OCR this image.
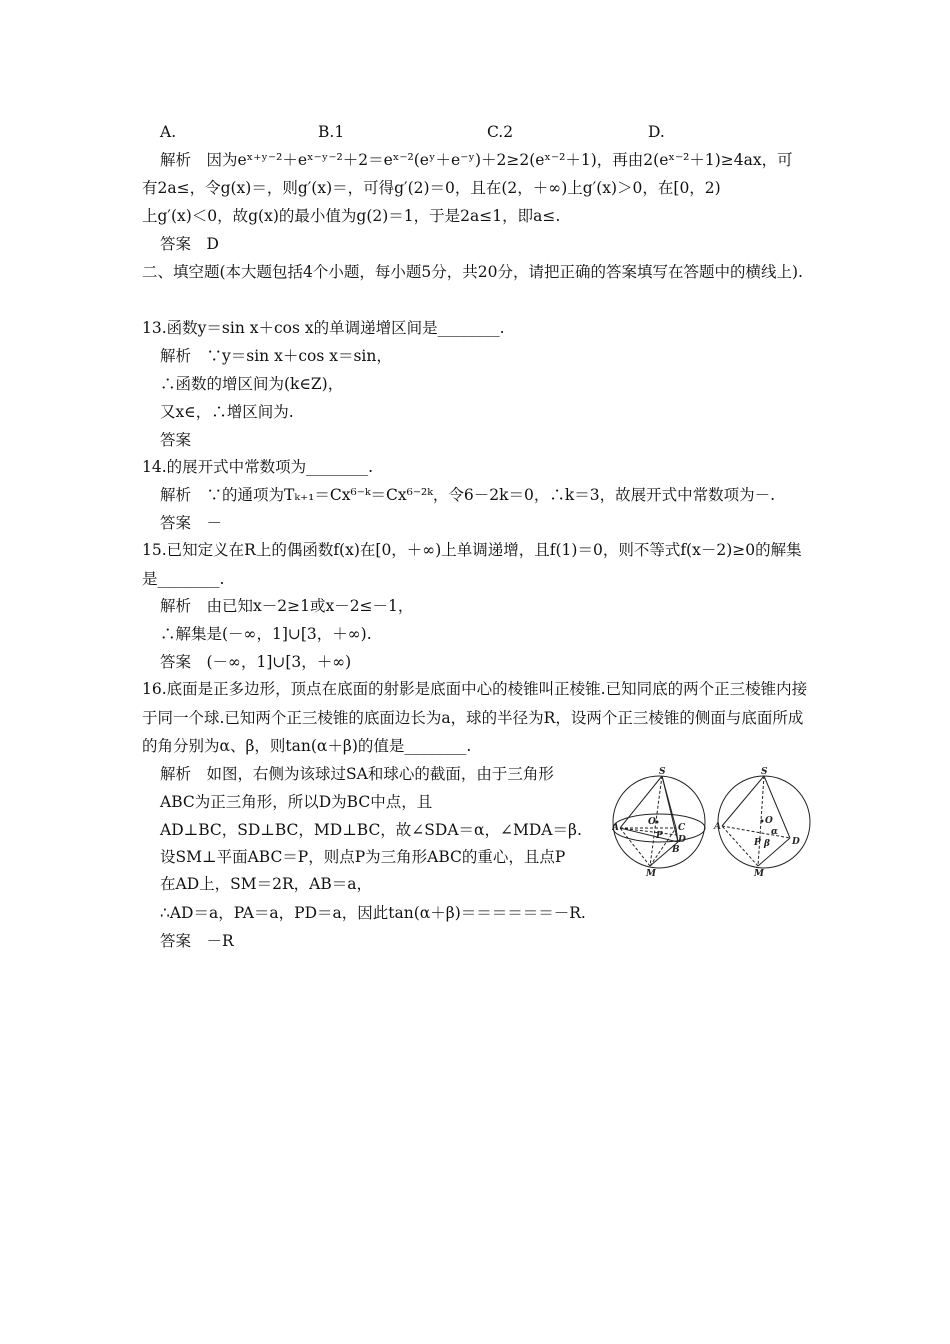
A.	B.1	C.2	D.
解析　因为eˣ⁺ʸ⁻²＋eˣ⁻ʸ⁻²＋2＝eˣ⁻²(eʸ＋e⁻ʸ)＋2≥2(eˣ⁻²＋1)，再由2(eˣ⁻²＋1)≥4ax，可
有2a≤，令g(x)＝，则g′(x)＝，可得g′(2)＝0，且在(2，＋∞)上g′(x)＞0，在[0，2)
上g′(x)＜0，故g(x)的最小值为g(2)＝1，于是2a≤1，即a≤.
答案　D
二、填空题(本大题包括4个小题，每小题5分，共20分，请把正确的答案填写在答题中的横线上).
13.函数y＝sin x＋cos x的单调递增区间是________.
解析　∵y＝sin x＋cos x＝sin，
∴函数的增区间为(k∈Z)，
又x∈，∴增区间为.
答案
14.的展开式中常数项为________.
解析　∵的通项为Tₖ₊₁＝Cx⁶⁻ᵏ＝Cx⁶⁻²ᵏ，令6－2k＝0，∴k＝3，故展开式中常数项为－.
答案　－
15.已知定义在R上的偶函数f(x)在[0，＋∞)上单调递增，且f(1)＝0，则不等式f(x－2)≥0的解集是________.
解析　由已知x－2≥1或x－2≤－1，
∴解集是(－∞，1]∪[3，＋∞).
答案　(－∞，1]∪[3，＋∞)
16.底面是正多边形，顶点在底面的射影是底面中心的棱锥叫正棱锥.已知同底的两个正三棱锥内接于同一个球.已知两个正三棱锥的底面边长为a，球的半径为R，设两个正三棱锥的侧面与底面所成的角分别为α、β，则tan(α＋β)的值是________.
解析　如图，右侧为该球过SA和球心的截面，由于三角形
ABC为正三角形，所以D为BC中点，且
AD⊥BC，SD⊥BC，MD⊥BC，故∠SDA＝α，∠MDA＝β.
设SM⊥平面ABC＝P，则点P为三角形ABC的重心，且点P
在AD上，SM＝2R，AB＝a，
∴AD＝a，PA＝a，PD＝a，因此tan(α＋β)＝＝＝＝＝＝－R.
答案　－R
S
A
O
P
C
D
B
M
S
A
O
α
P β D
M
